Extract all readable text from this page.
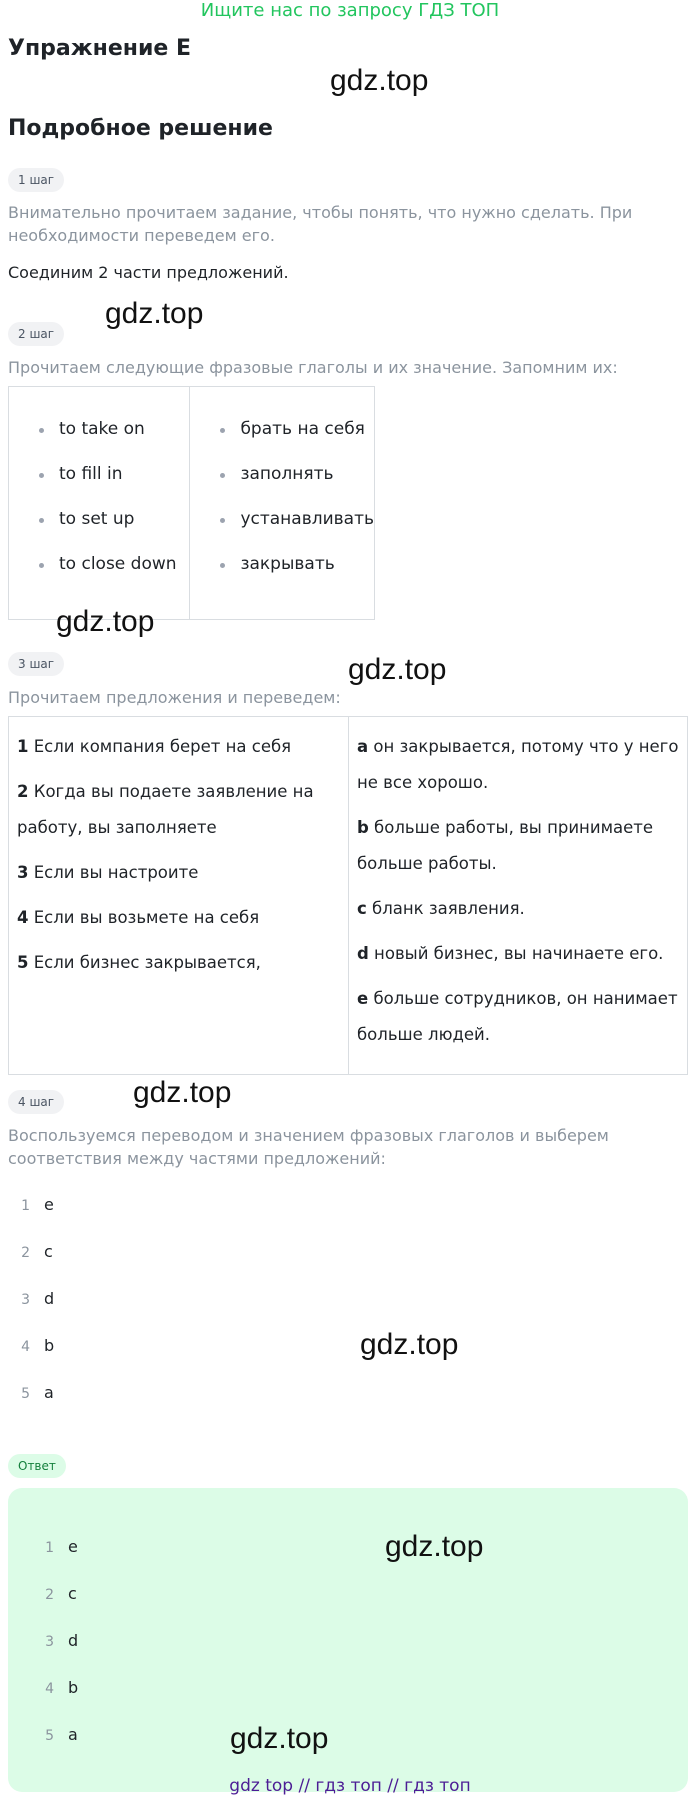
Ищите нас по запросу ГДЗ ТОП
Упражнение E
gdz.top
Подробное решение
1 шаг
Внимательно прочитаем задание, чтобы понять, что нужно сделать. При необходимости переведем его.
Соединим 2 части предложений.
gdz.top
2 шаг
Прочитаем следующие фразовые глаголы и их значение. Запомним их:
to take on
to fill in
to set up
to close down

брать на себя
заполнять
устанавливать
закрывать
gdz.top
gdz.top
3 шаг
Прочитаем предложения и переведем:

1 Если компания берет на себя

2 Когда вы подаете заявление на работу, вы заполняете

3 Если вы настроите

4 Если вы возьмете на себя

5 Если бизнес закрывается,

a он закрывается, потому что у него не все хорошо.

b больше работы, вы принимаете больше работы.

c бланк заявления.

d новый бизнес, вы начинаете его.

e больше сотрудников, он нанимает больше людей.

4 шаг	gdz.top
Воспользуемся переводом и значением фразовых глаголов и выберем соответствия между частями предложений:
1 e
2 c
3 d
4 b
5 a
gdz.top
Ответ
1 e
2 c
3 d
4 b
5 a
gdz.top
gdz.top
gdz top // гдз топ // гдз топ
